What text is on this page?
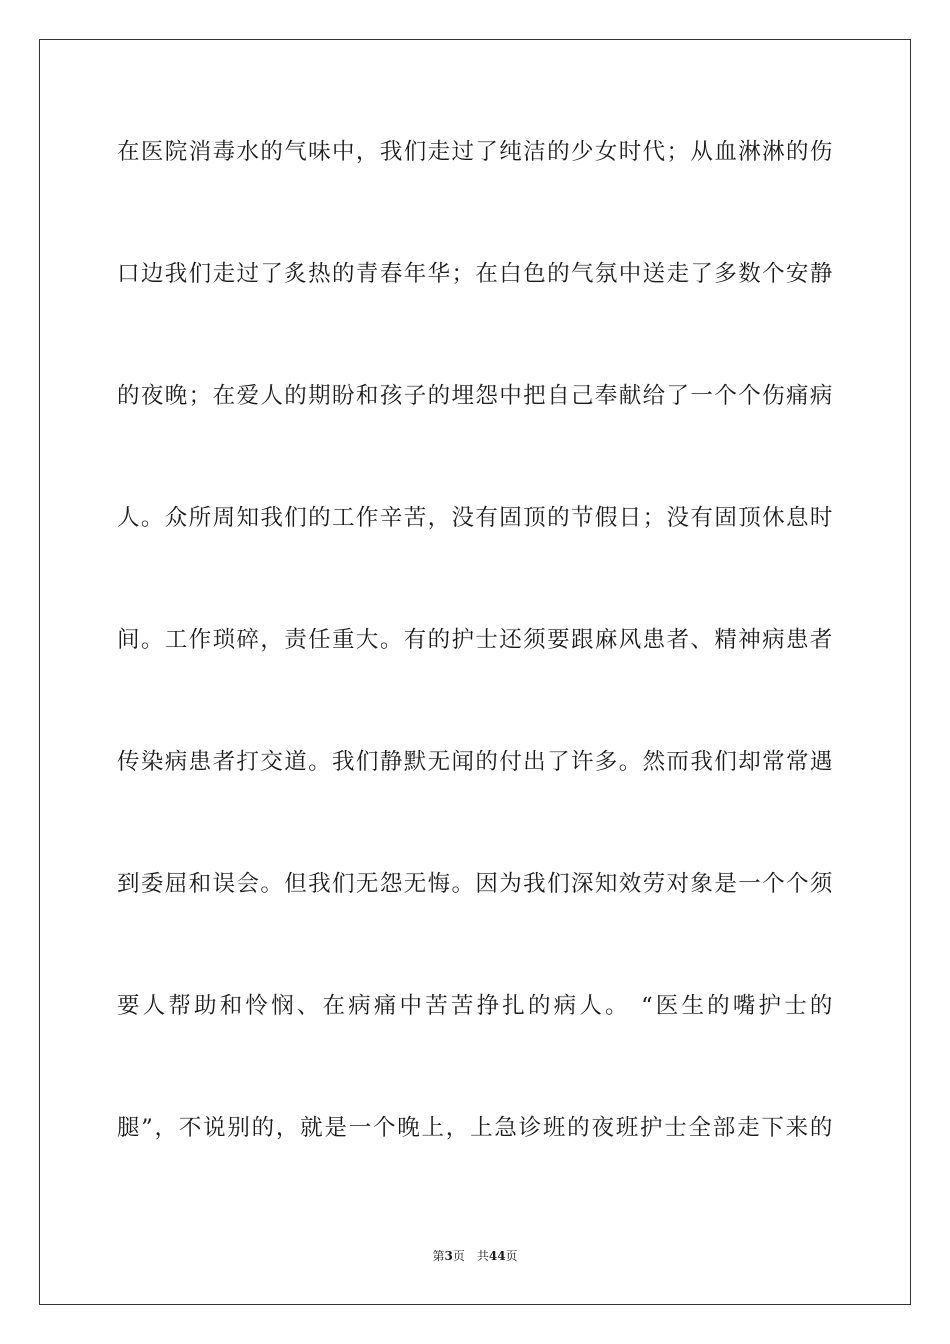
在医院消毒水的气味中，我们走过了纯洁的少女时代；从血淋淋的伤
口边我们走过了炙热的青春年华；在白色的气氛中送走了多数个安静
的夜晚；在爱人的期盼和孩子的埋怨中把自己奉献给了一个个伤痛病
人。众所周知我们的工作辛苦，没有固顶的节假日；没有固顶休息时
间。工作琐碎，责任重大。有的护士还须要跟麻风患者、精神病患者
传染病患者打交道。我们静默无闻的付出了许多。然而我们却常常遇
到委屈和误会。但我们无怨无悔。因为我们深知效劳对象是一个个须
要人帮助和怜悯、在病痛中苦苦挣扎的病人。 “医生的嘴护士的
腿”，不说别的，就是一个晚上，上急诊班的夜班护士全部走下来的
第3页 共44页
